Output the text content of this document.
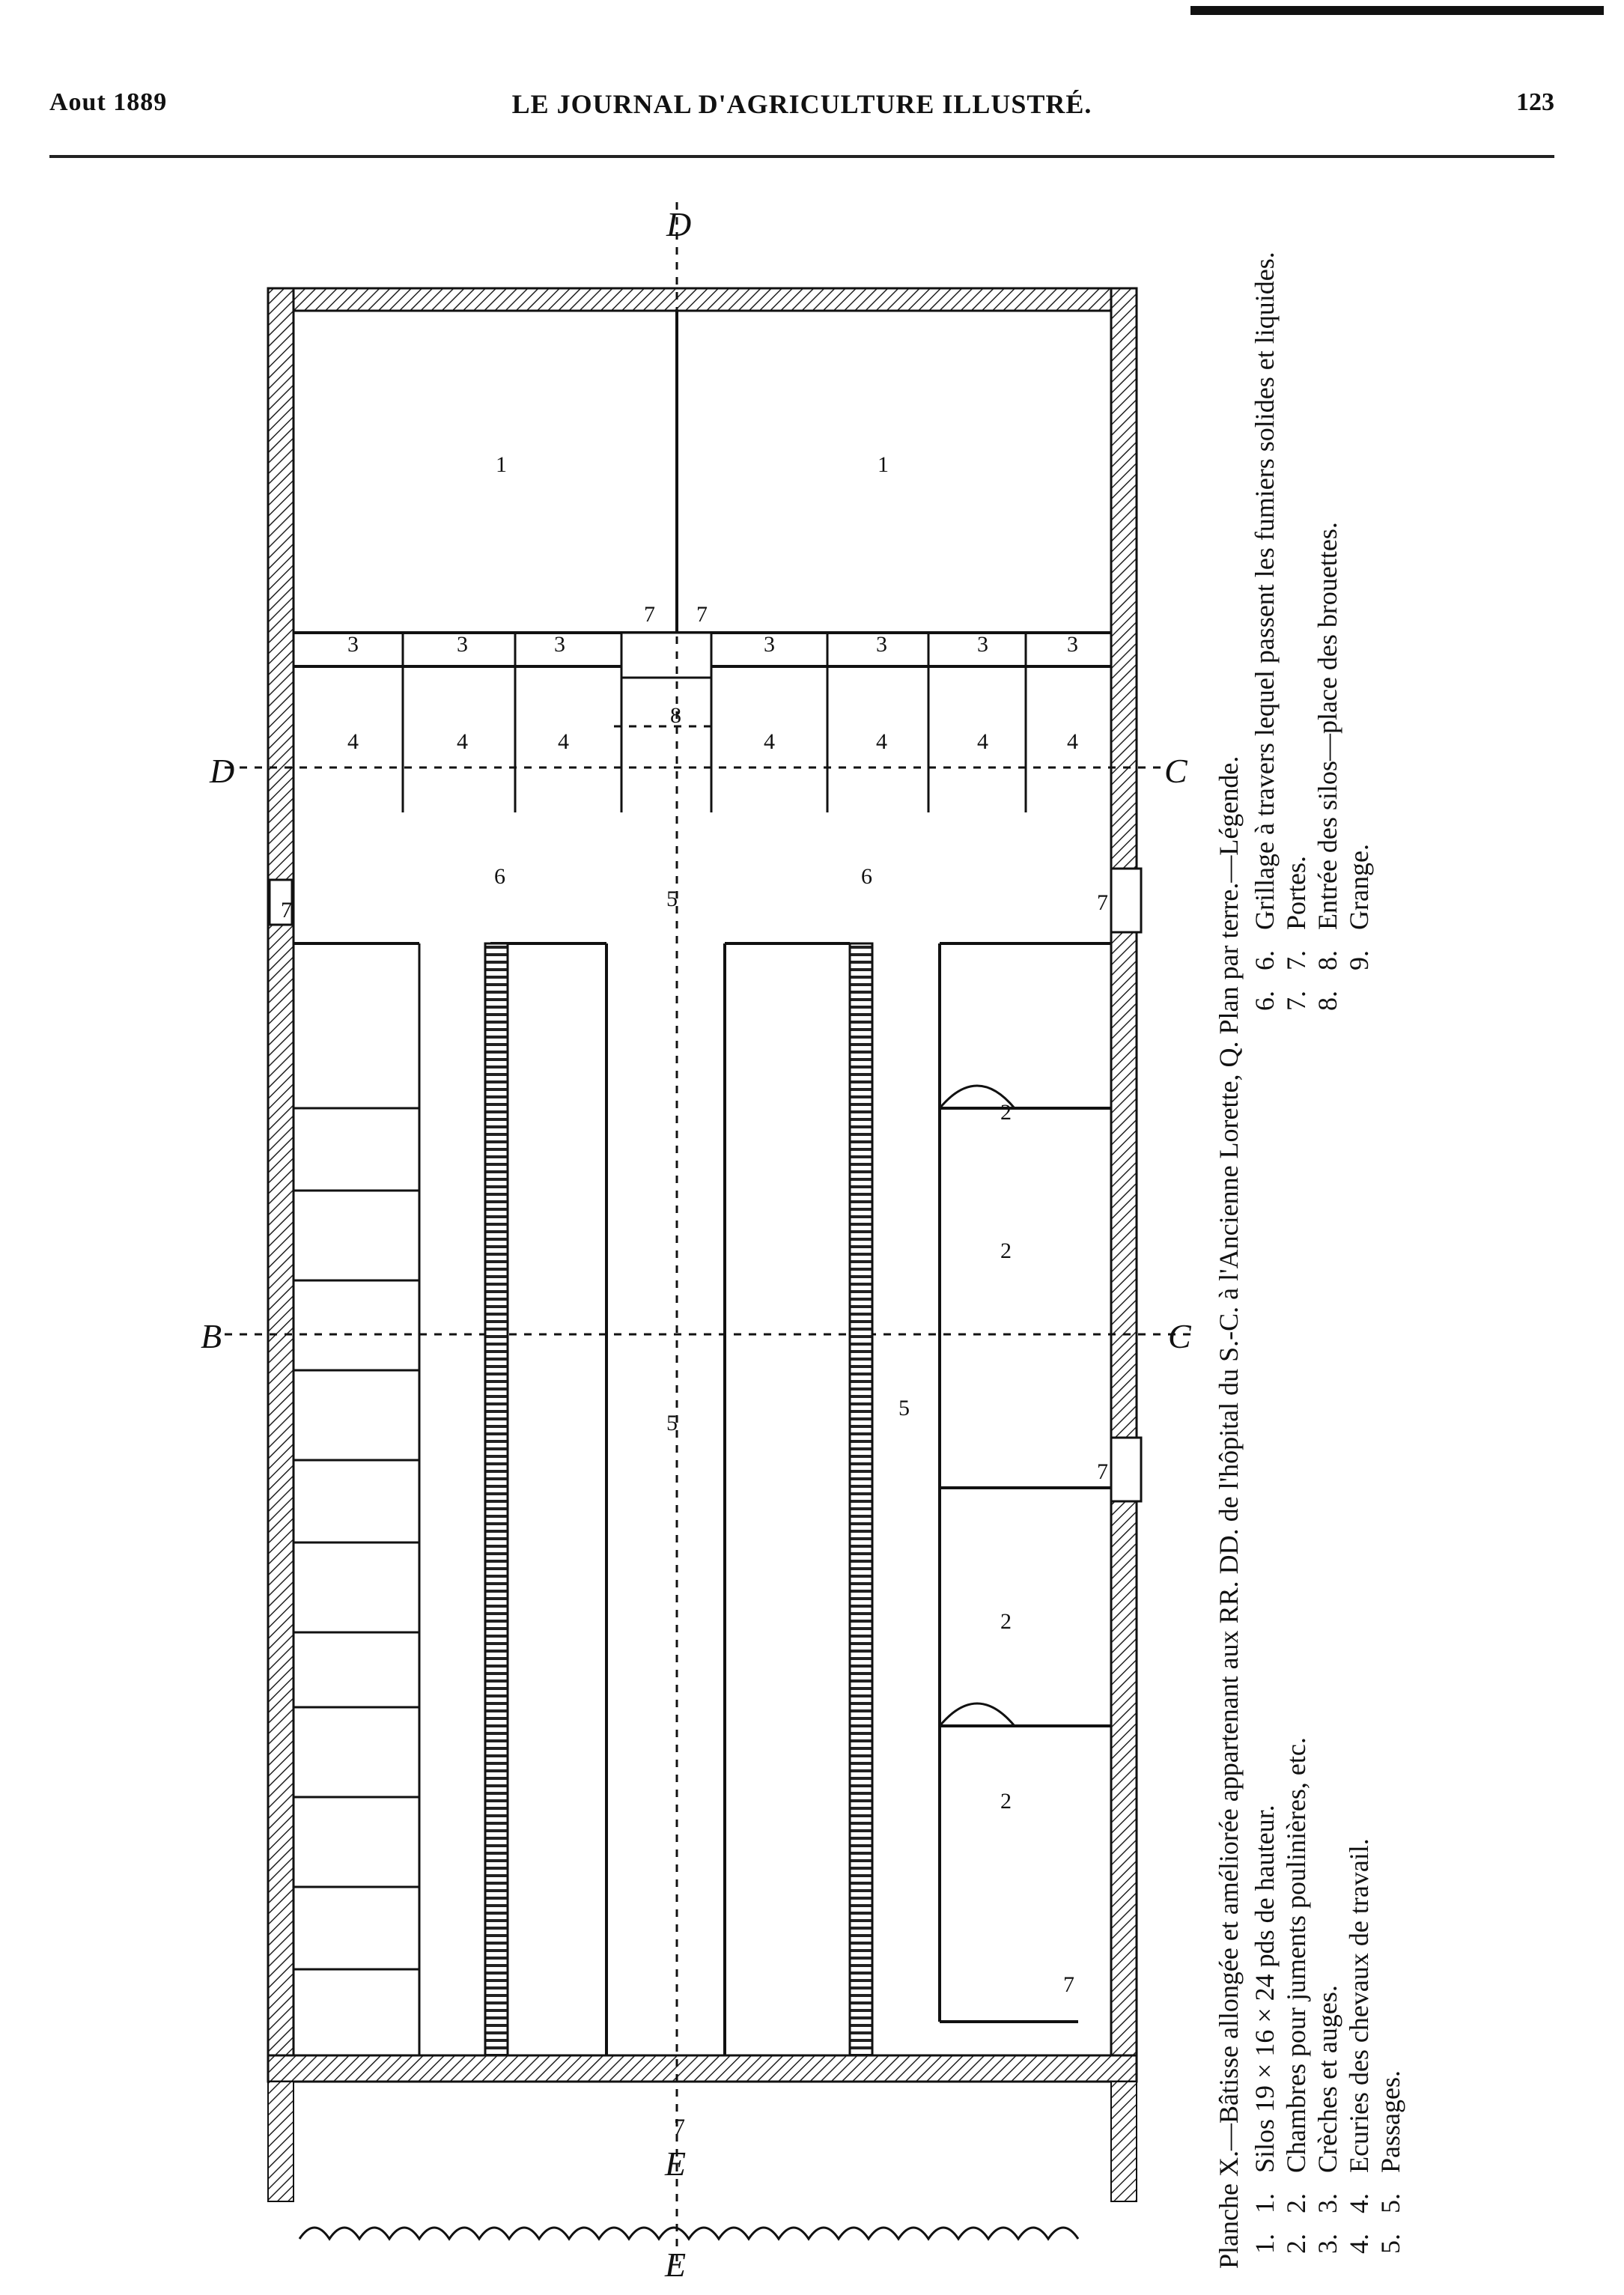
Aout 1889	LE JOURNAL D'AGRICULTURE ILLUSTRÉ.	123
1	1
2
2
2
2
3	3	3	3	3	3	3
4	4	4	4	4	4	4
5
5
5
6	6
8
7 7
7
7
7
7
7
D
D
B	C
C
E
E	Planche X.—Bâtisse allongée et améliorée appartenant aux RR. DD. de l'hôpital du S.-C. à l'Ancienne Lorette, Q. Plan par terre.—Légende. 1.1.Silos 19 × 16 × 24 pds de hauteur.
2.2.Chambres pour juments poulinières, etc.
3.3.Crèches et auges.
4.4.Ecuries des chevaux de travail.
5.5.Passages.
6.6.Grillage à travers lequel passent les fumiers solides et liquides.
7.7.Portes.
8.8.Entrée des silos—place des brouettes.
9.Grange.
